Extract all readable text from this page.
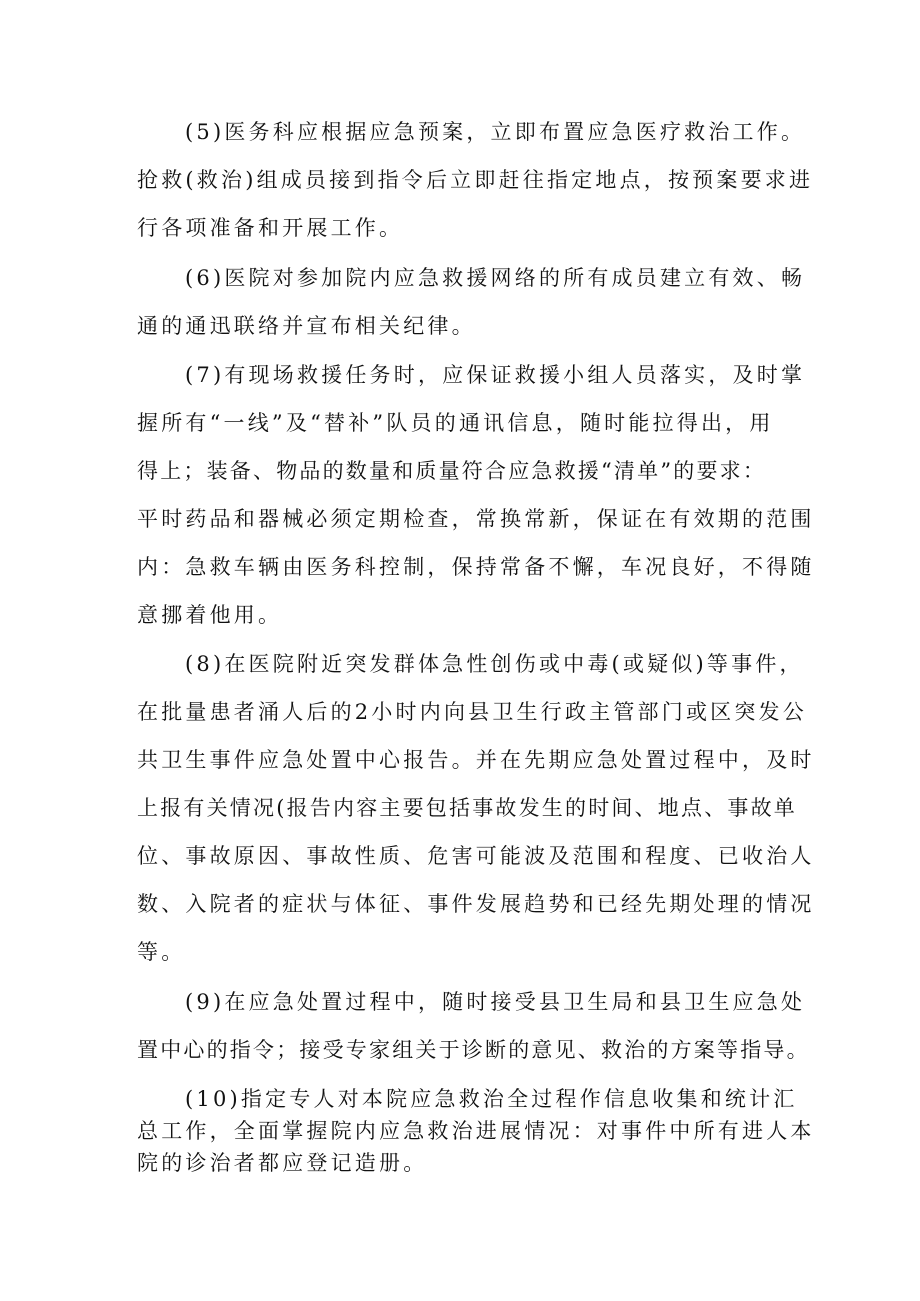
(5)医务科应根据应急预案，立即布置应急医疗救治工作。
抢救(救治)组成员接到指令后立即赶往指定地点，按预案要求进
行各项准备和开展工作。
(6)医院对参加院内应急救援网络的所有成员建立有效、畅
通的通迅联络并宣布相关纪律。
(7)有现场救援任务时，应保证救援小组人员落实，及时掌
握所有“一线”及“替补”队员的通讯信息，随时能拉得出，用
得上；装备、物品的数量和质量符合应急救援“清单”的要求：
平时药品和器械必须定期检查，常换常新，保证在有效期的范围
内：急救车辆由医务科控制，保持常备不懈，车况良好，不得随
意挪着他用。
(8)在医院附近突发群体急性创伤或中毒(或疑似)等事件，
在批量患者涌人后的2小时内向县卫生行政主管部门或区突发公
共卫生事件应急处置中心报告。并在先期应急处置过程中，及时
上报有关情况(报告内容主要包括事故发生的时间、地点、事故单
位、事故原因、事故性质、危害可能波及范围和程度、已收治人
数、入院者的症状与体征、事件发展趋势和已经先期处理的情况
等。
(9)在应急处置过程中，随时接受县卫生局和县卫生应急处
置中心的指令；接受专家组关于诊断的意见、救治的方案等指导。
(10)指定专人对本院应急救治全过程作信息收集和统计汇
总工作，全面掌握院内应急救治进展情况：对事件中所有进人本
院的诊治者都应登记造册。
